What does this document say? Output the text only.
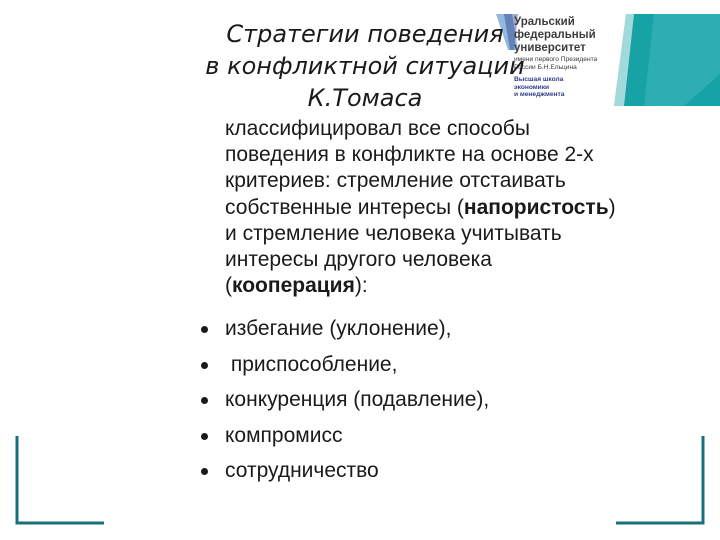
Уральский
федеральный
университет
имени первого Президента
России Б.Н.Ельцина
Высшая школа
экономики
и менеджмента
Стратегии поведения
в конфликтной ситуации
К.Томаса
классифицировал все способы
поведения в конфликте на основе 2-х
критериев: стремление отстаивать
собственные интересы (напористость)
и стремление человека учитывать
интересы другого человека
(кооперация):
избегание (уклонение),
приспособление,
конкуренция (подавление),
компромисс
сотрудничество
